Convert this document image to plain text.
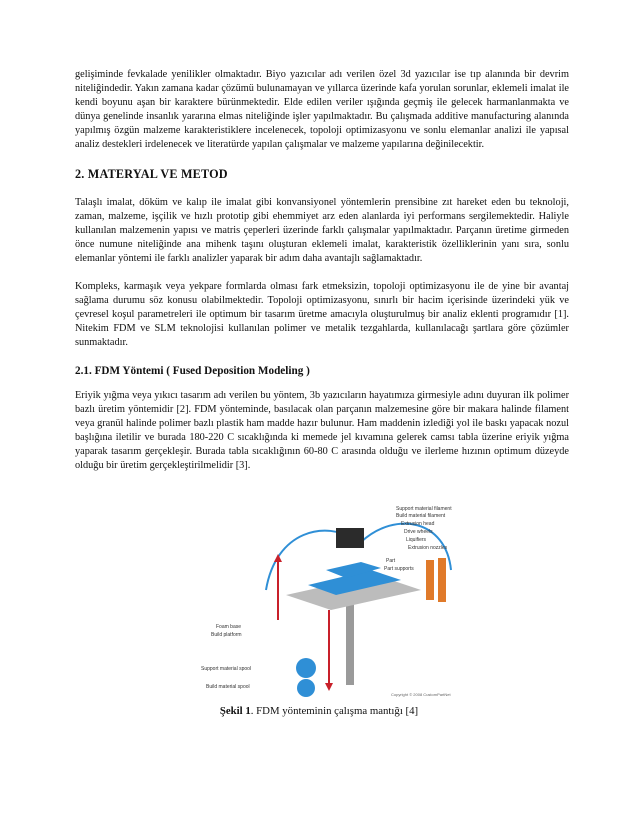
gelişiminde fevkalade yenilikler olmaktadır. Biyo yazıcılar adı verilen özel 3d yazıcılar ise tıp alanında bir devrim niteliğindedir. Yakın zamana kadar çözümü bulunamayan ve yıllarca üzerinde kafa yorulan sorunlar, eklemeli imalat ile kendi boyunu aşan bir karaktere bürünmektedir. Elde edilen veriler ışığında geçmiş ile gelecek harmanlanmakta ve dünya genelinde insanlık yararına elmas niteliğinde işler yapılmaktadır. Bu çalışmada additive manufacturing alanında yapılmış özgün malzeme karakteristiklere incelenecek, topoloji optimizasyonu ve sonlu elemanlar analizi ile yapısal analiz destekleri irdelenecek ve literatürde yapılan çalışmalar ve malzeme yapılarına değinilecektir.

2. MATERYAL VE METOD

Talaşlı imalat, döküm ve kalıp ile imalat gibi konvansiyonel yöntemlerin prensibine zıt hareket eden bu teknoloji, zaman, malzeme, işçilik ve hızlı prototip gibi ehemmiyet arz eden alanlarda iyi performans sergilemektedir. Haliyle kullanılan malzemenin yapısı ve matris çeperleri üzerinde farklı çalışmalar yapılmaktadır. Parçanın üretime girmeden önce numune niteliğinde ana mihenk taşını oluşturan eklemeli imalat, karakteristik özelliklerinin yanı sıra, sonlu elemanlar yöntemi ile farklı analizler yaparak bir adım daha avantajlı sağlamaktadır.

Kompleks, karmaşık veya yekpare formlarda olması fark etmeksizin, topoloji optimizasyonu ile de yine bir avantaj sağlama durumu söz konusu olabilmektedir. Topoloji optimizasyonu, sınırlı bir hacim içerisinde üzerindeki yük ve çevresel koşul parametreleri ile optimum bir tasarım üretme amacıyla oluşturulmuş bir analiz eklenti programıdır [1]. Nitekim FDM ve SLM teknolojisi kullanılan polimer ve metalik tezgahlarda, kullanılacağı şartlara göre çözümler sunmaktadır.

2.1. FDM Yöntemi ( Fused Deposition Modeling )

Eriyik yığma veya yıkıcı tasarım adı verilen bu yöntem, 3b yazıcıların hayatımıza girmesiyle adını duyuran ilk polimer bazlı üretim yöntemidir [2]. FDM yönteminde, basılacak olan parçanın malzemesine göre bir makara halinde filament veya granül halinde polimer bazlı plastik ham madde hazır bulunur. Ham maddenin izlediği yol ile baskı yapacak nozul başlığına iletilir ve burada 180-220 C sıcaklığında ki memede jel kıvamına gelerek camsı tabla üzerine eriyik yığma yaparak tasarım gerçekleşir. Burada tabla sıcaklığının 60-80 C arasında olduğu ve ilerleme hızının optimum düzeyde olduğu bir üretim gerçekleştirilmelidir [3].

Support material filament
Build material filament
Extrusion head
Drive wheels
Liquifiers
Extrusion nozzles
Part
Part supports
Foam base
Build platform
Support material spool
Build material spool
Copyright © 2008 CustomPartNet
Şekil 1. FDM yönteminin çalışma mantığı [4]
